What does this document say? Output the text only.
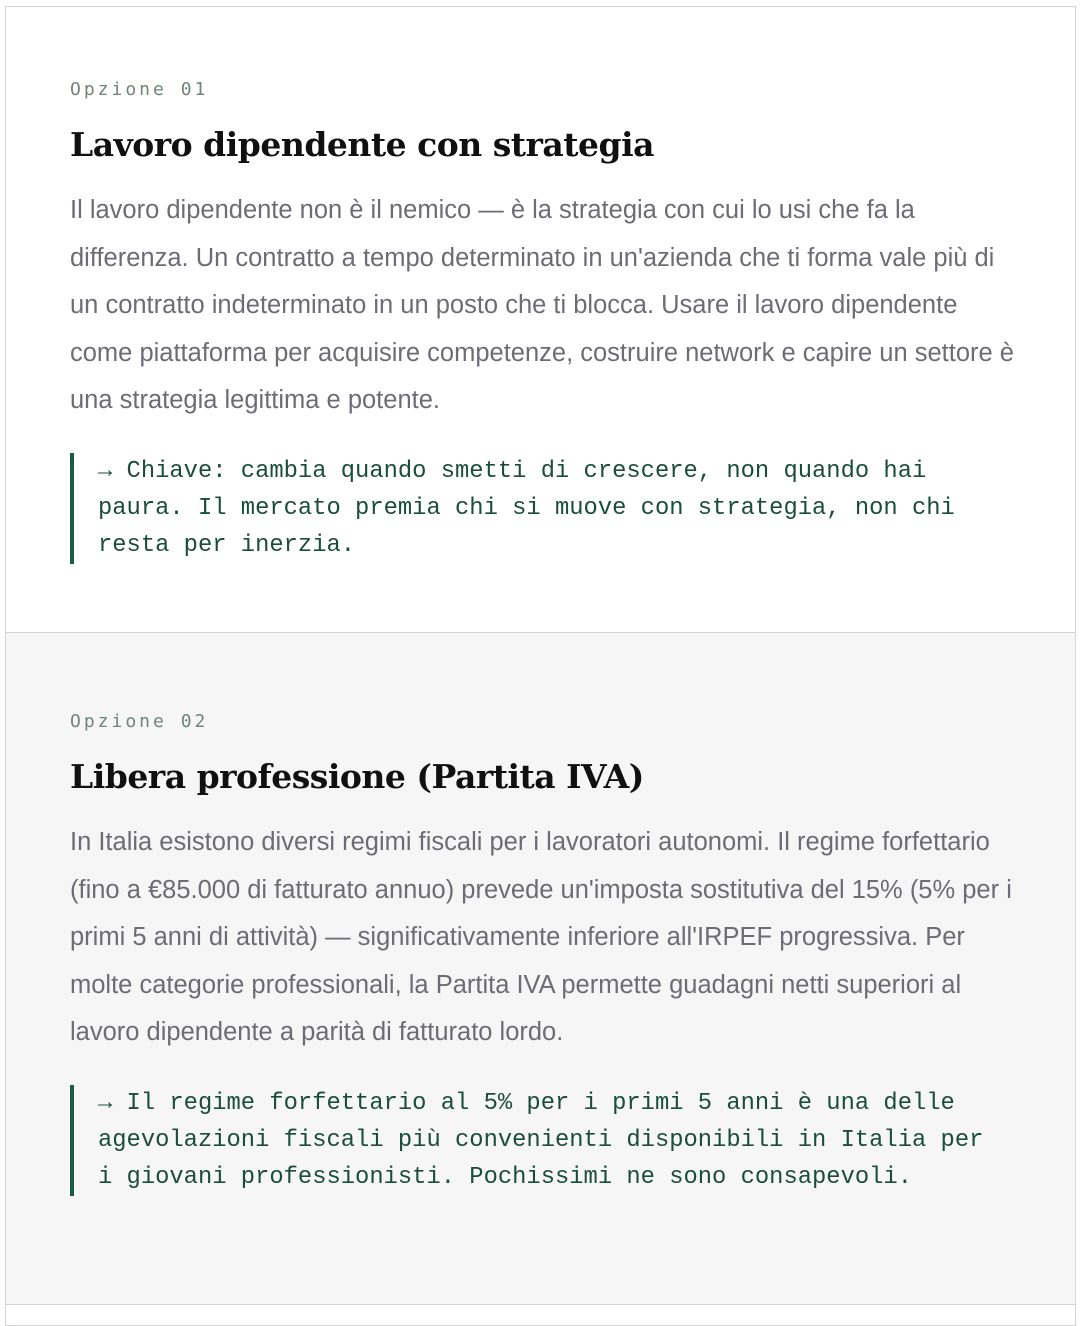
Opzione 01
Lavoro dipendente con strategia

Il lavoro dipendente non è il nemico — è la strategia con cui lo usi che fa la differenza. Un contratto a tempo determinato in un'azienda che ti forma vale più di un contratto indeterminato in un posto che ti blocca. Usare il lavoro dipendente come piattaforma per acquisire competenze, costruire network e capire un settore è una strategia legittima e potente.

→ Chiave: cambia quando smetti di crescere, non quando hai paura. Il mercato premia chi si muove con strategia, non chi resta per inerzia.
Opzione 02
Libera professione (Partita IVA)

In Italia esistono diversi regimi fiscali per i lavoratori autonomi. Il regime forfettario (fino a €85.000 di fatturato annuo) prevede un'imposta sostitutiva del 15% (5% per i primi 5 anni di attività) — significativamente inferiore all'IRPEF progressiva. Per molte categorie professionali, la Partita IVA permette guadagni netti superiori al lavoro dipendente a parità di fatturato lordo.

→ Il regime forfettario al 5% per i primi 5 anni è una delle agevolazioni fiscali più convenienti disponibili in Italia per i giovani professionisti. Pochissimi ne sono consapevoli.
